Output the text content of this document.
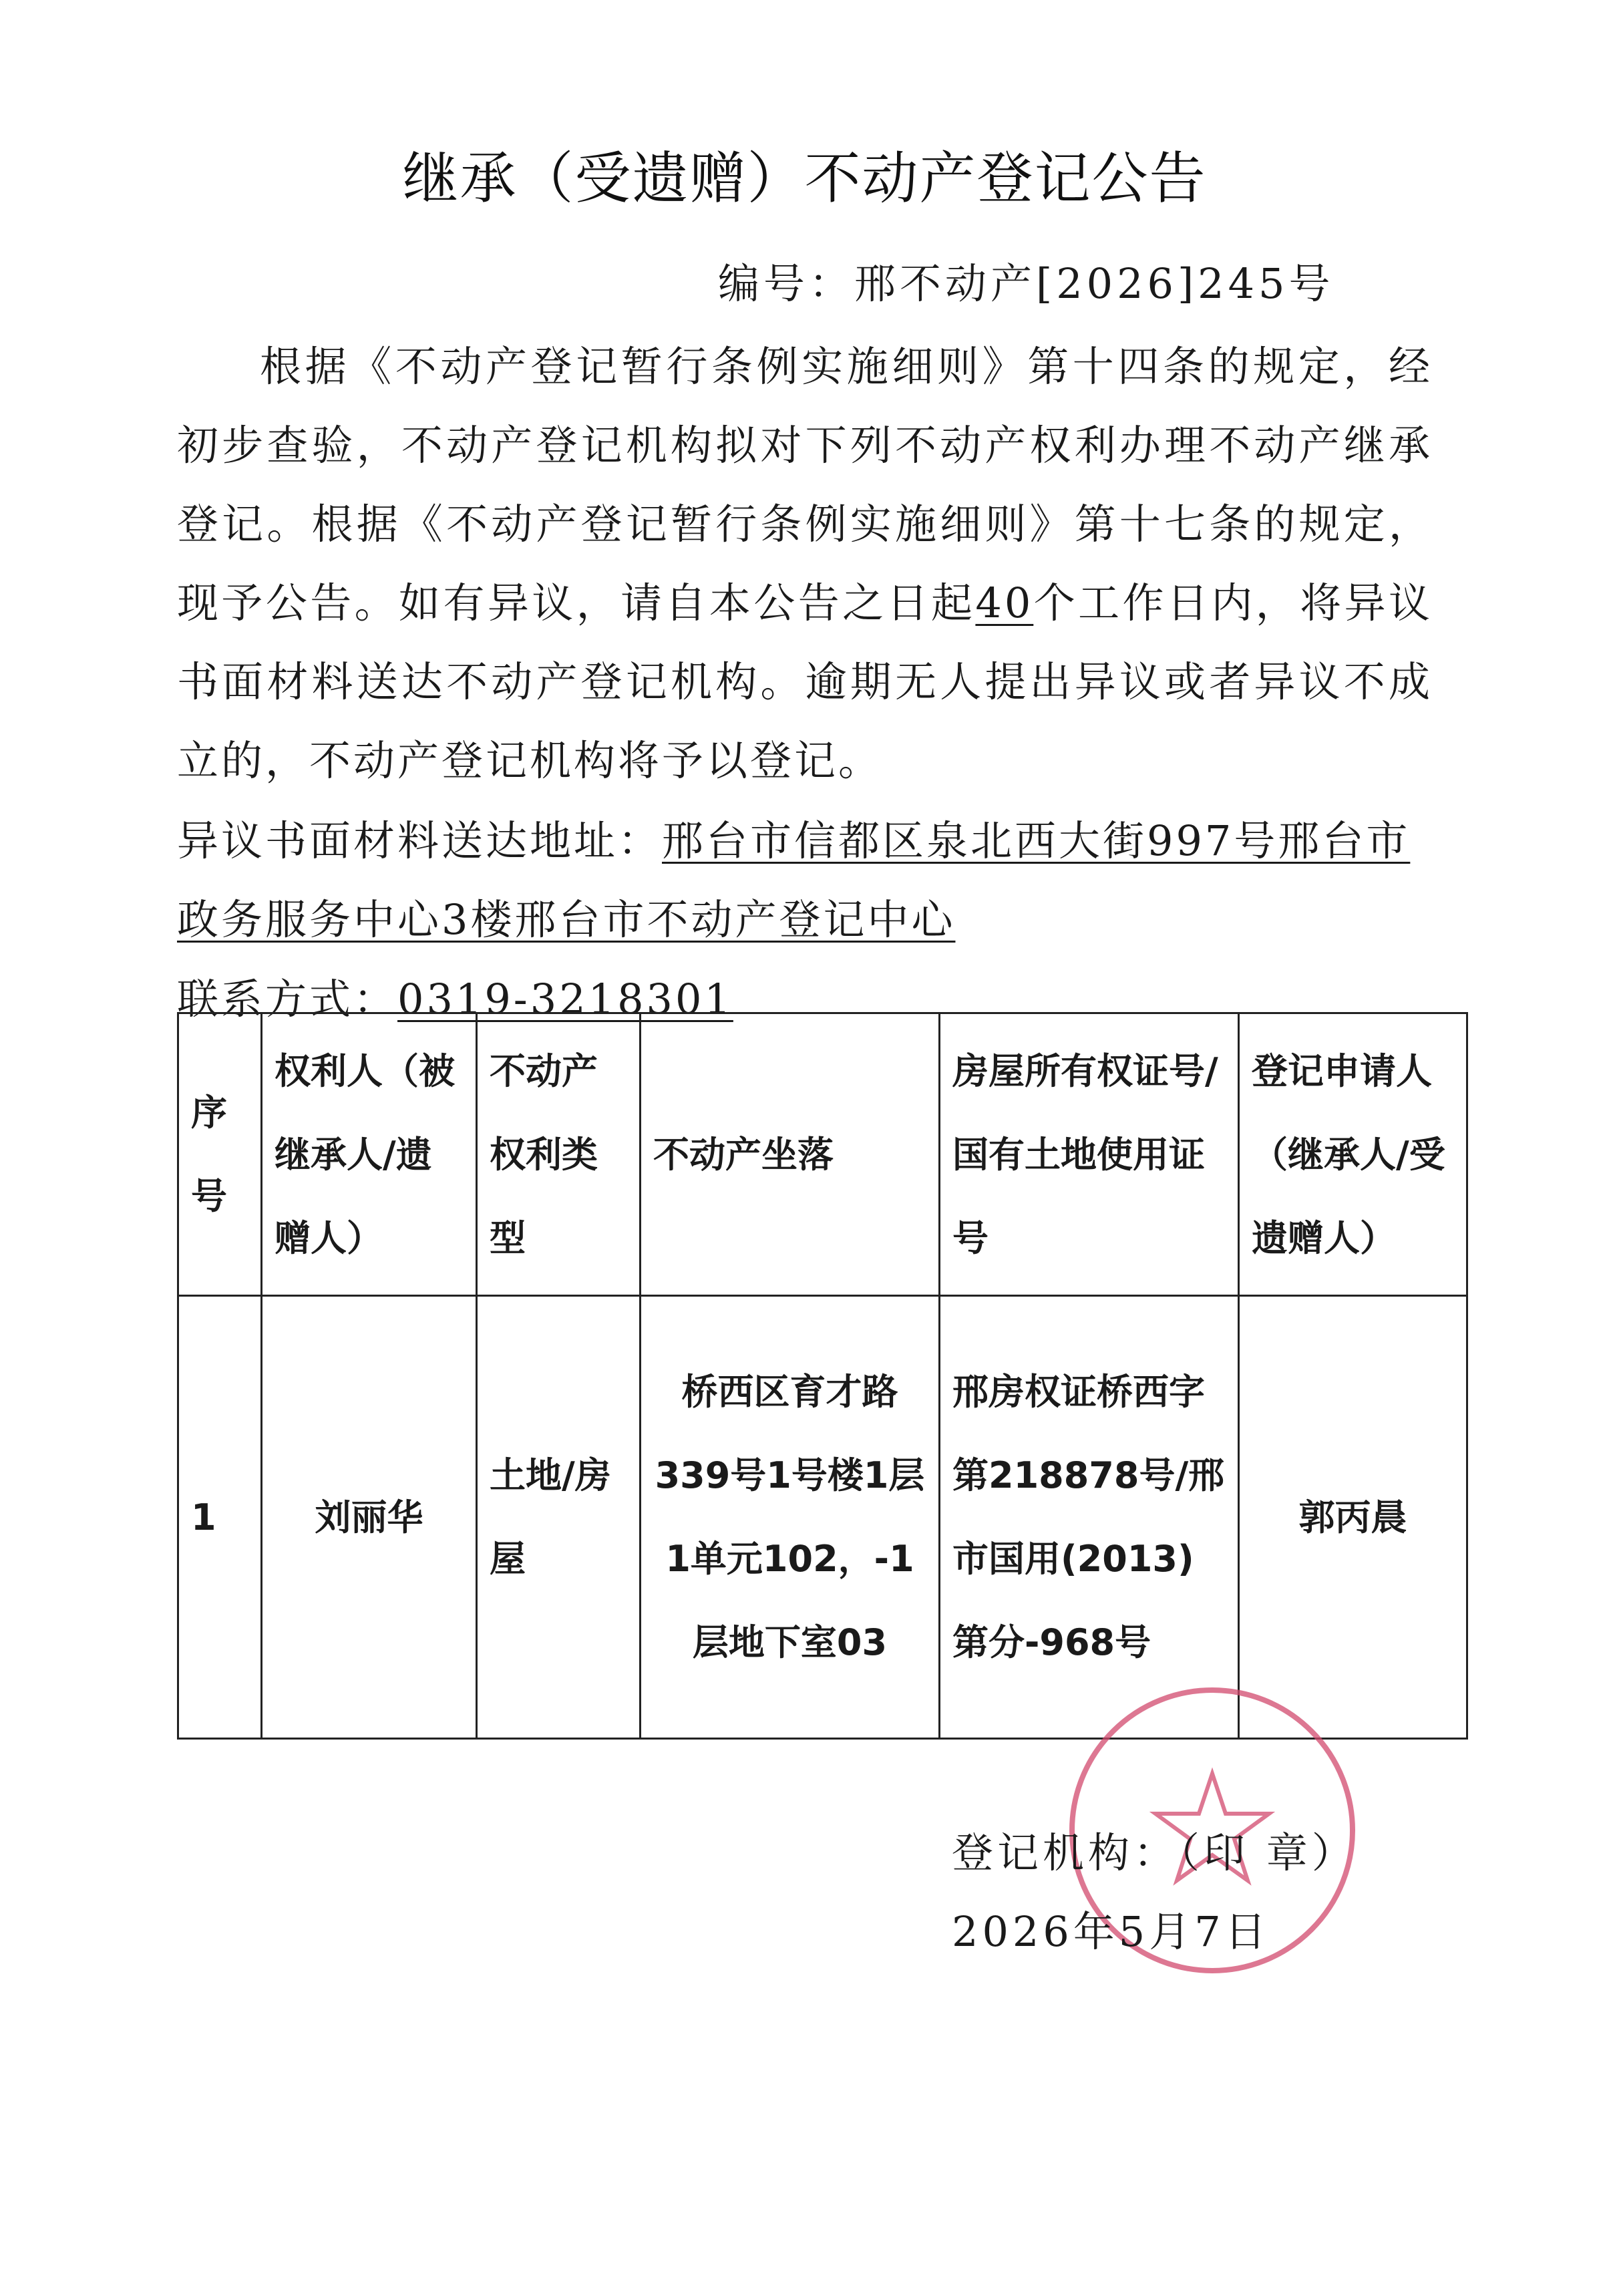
继承（受遗赠）不动产登记公告
编号：邢不动产[2026]245号

根据《不动产登记暂行条例实施细则》第十四条的规定，经初步查验，不动产登记机构拟对下列不动产权利办理不动产继承登记。根据《不动产登记暂行条例实施细则》第十七条的规定，现予公告。如有异议，请自本公告之日起40个工作日内，将异议书面材料送达不动产登记机构。逾期无人提出异议或者异议不成立的，不动产登记机构将予以登记。

异议书面材料送达地址：邢台市信都区泉北西大街997号邢台市政务服务中心3楼邢台市不动产登记中心
联系方式：0319-3218301
序号	权利人（被继承人/遗赠人）	不动产权利类型	不动产坐落	房屋所有权证号/国有土地使用证号	登记申请人（继承人/受遗赠人）
1	刘丽华	土地/房屋	桥西区育才路339号1号楼1层1单元102，-1层地下室03	邢房权证桥西字第218878号/邢市国用(2013)第分-968号	郭丙晨
登记机构：（印 章）
2026年5月7日
